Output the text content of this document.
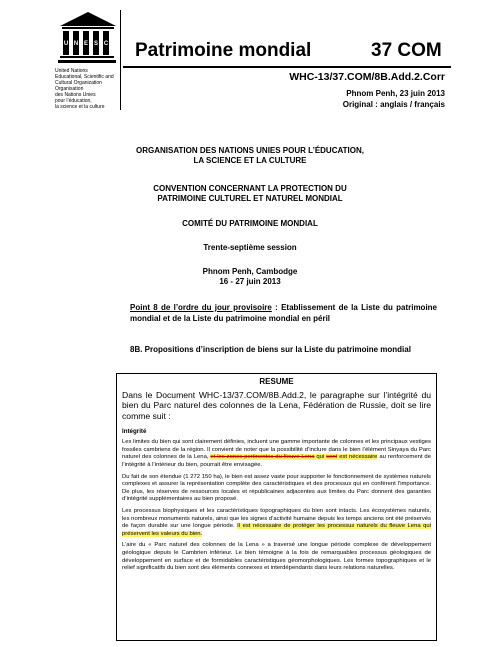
U N E S C
United Nations
Educational, Scientific and
Cultural Organization
Organisation
des Nations Unies
pour l’éducation,
la science et la culture
Patrimoine mondial	37 COM
WHC-13/37.COM/8B.Add.2.Corr
Phnom Penh, 23 juin 2013
Original : anglais / français
ORGANISATION DES NATIONS UNIES POUR L’ÉDUCATION,
LA SCIENCE ET LA CULTURE
CONVENTION CONCERNANT LA PROTECTION DU
PATRIMOINE CULTUREL ET NATUREL MONDIAL
COMITÉ DU PATRIMOINE MONDIAL
Trente-septième session
Phnom Penh, Cambodge
16 - 27 juin 2013
Point 8 de l’ordre du jour provisoire : Etablissement de la Liste du patrimoine mondial et de la Liste du patrimoine mondial en péril
8B. Propositions d’inscription de biens sur la Liste du patrimoine mondial
RESUME
Dans le Document WHC-13/37.COM/8B.Add.2, le paragraphe sur l’intégrité du bien du Parc naturel des colonnes de la Lena, Fédération de Russie, doit se lire comme suit :
Intégrité
Les limites du bien qui sont clairement définies, incluent une gamme importante de colonnes et les principaux vestiges fossiles cambriens de la région. Il convient de noter que la possibilité d’inclure dans le bien l’élément Sinyaya du Parc naturel des colonnes de la Lena, et les zones pertinentes du fleuve Lena qui sont est nécessaire au renforcement de l’intégrité à l’intérieur du bien, pourrait être envisagée.
Du fait de son étendue (1 272 150 ha), le bien est assez vaste pour supporter le fonctionnement de systèmes naturels complexes et assurer la représentation complète des caractéristiques et des processus qui en confèrent l’importance. De plus, les réserves de ressources locales et républicaines adjacentes aux limites du Parc donnent des garanties d’intégrité supplémentaires au bien proposé.
Les processus biophysiques et les caractéristiques topographiques du bien sont intacts. Les écosystèmes naturels, les nombreux monuments naturels, ainsi que les signes d’activité humaine depuis les temps anciens ont été préservés de façon durable sur une longue période. Il est nécessaire de protéger les processus naturels du fleuve Lena qui préservent les valeurs du bien.
L’aire du « Parc naturel des colonnes de la Lena » a traversé une longue période complexe de développement géologique depuis le Cambrien inférieur. Le bien témoigne à la fois de remarquables processus géologiques de développement en surface et de formidables caractéristiques géomorphologiques. Les formes topographiques et le relief significatifs du bien sont des éléments connexes et interdépendants dans leurs relations naturelles.
